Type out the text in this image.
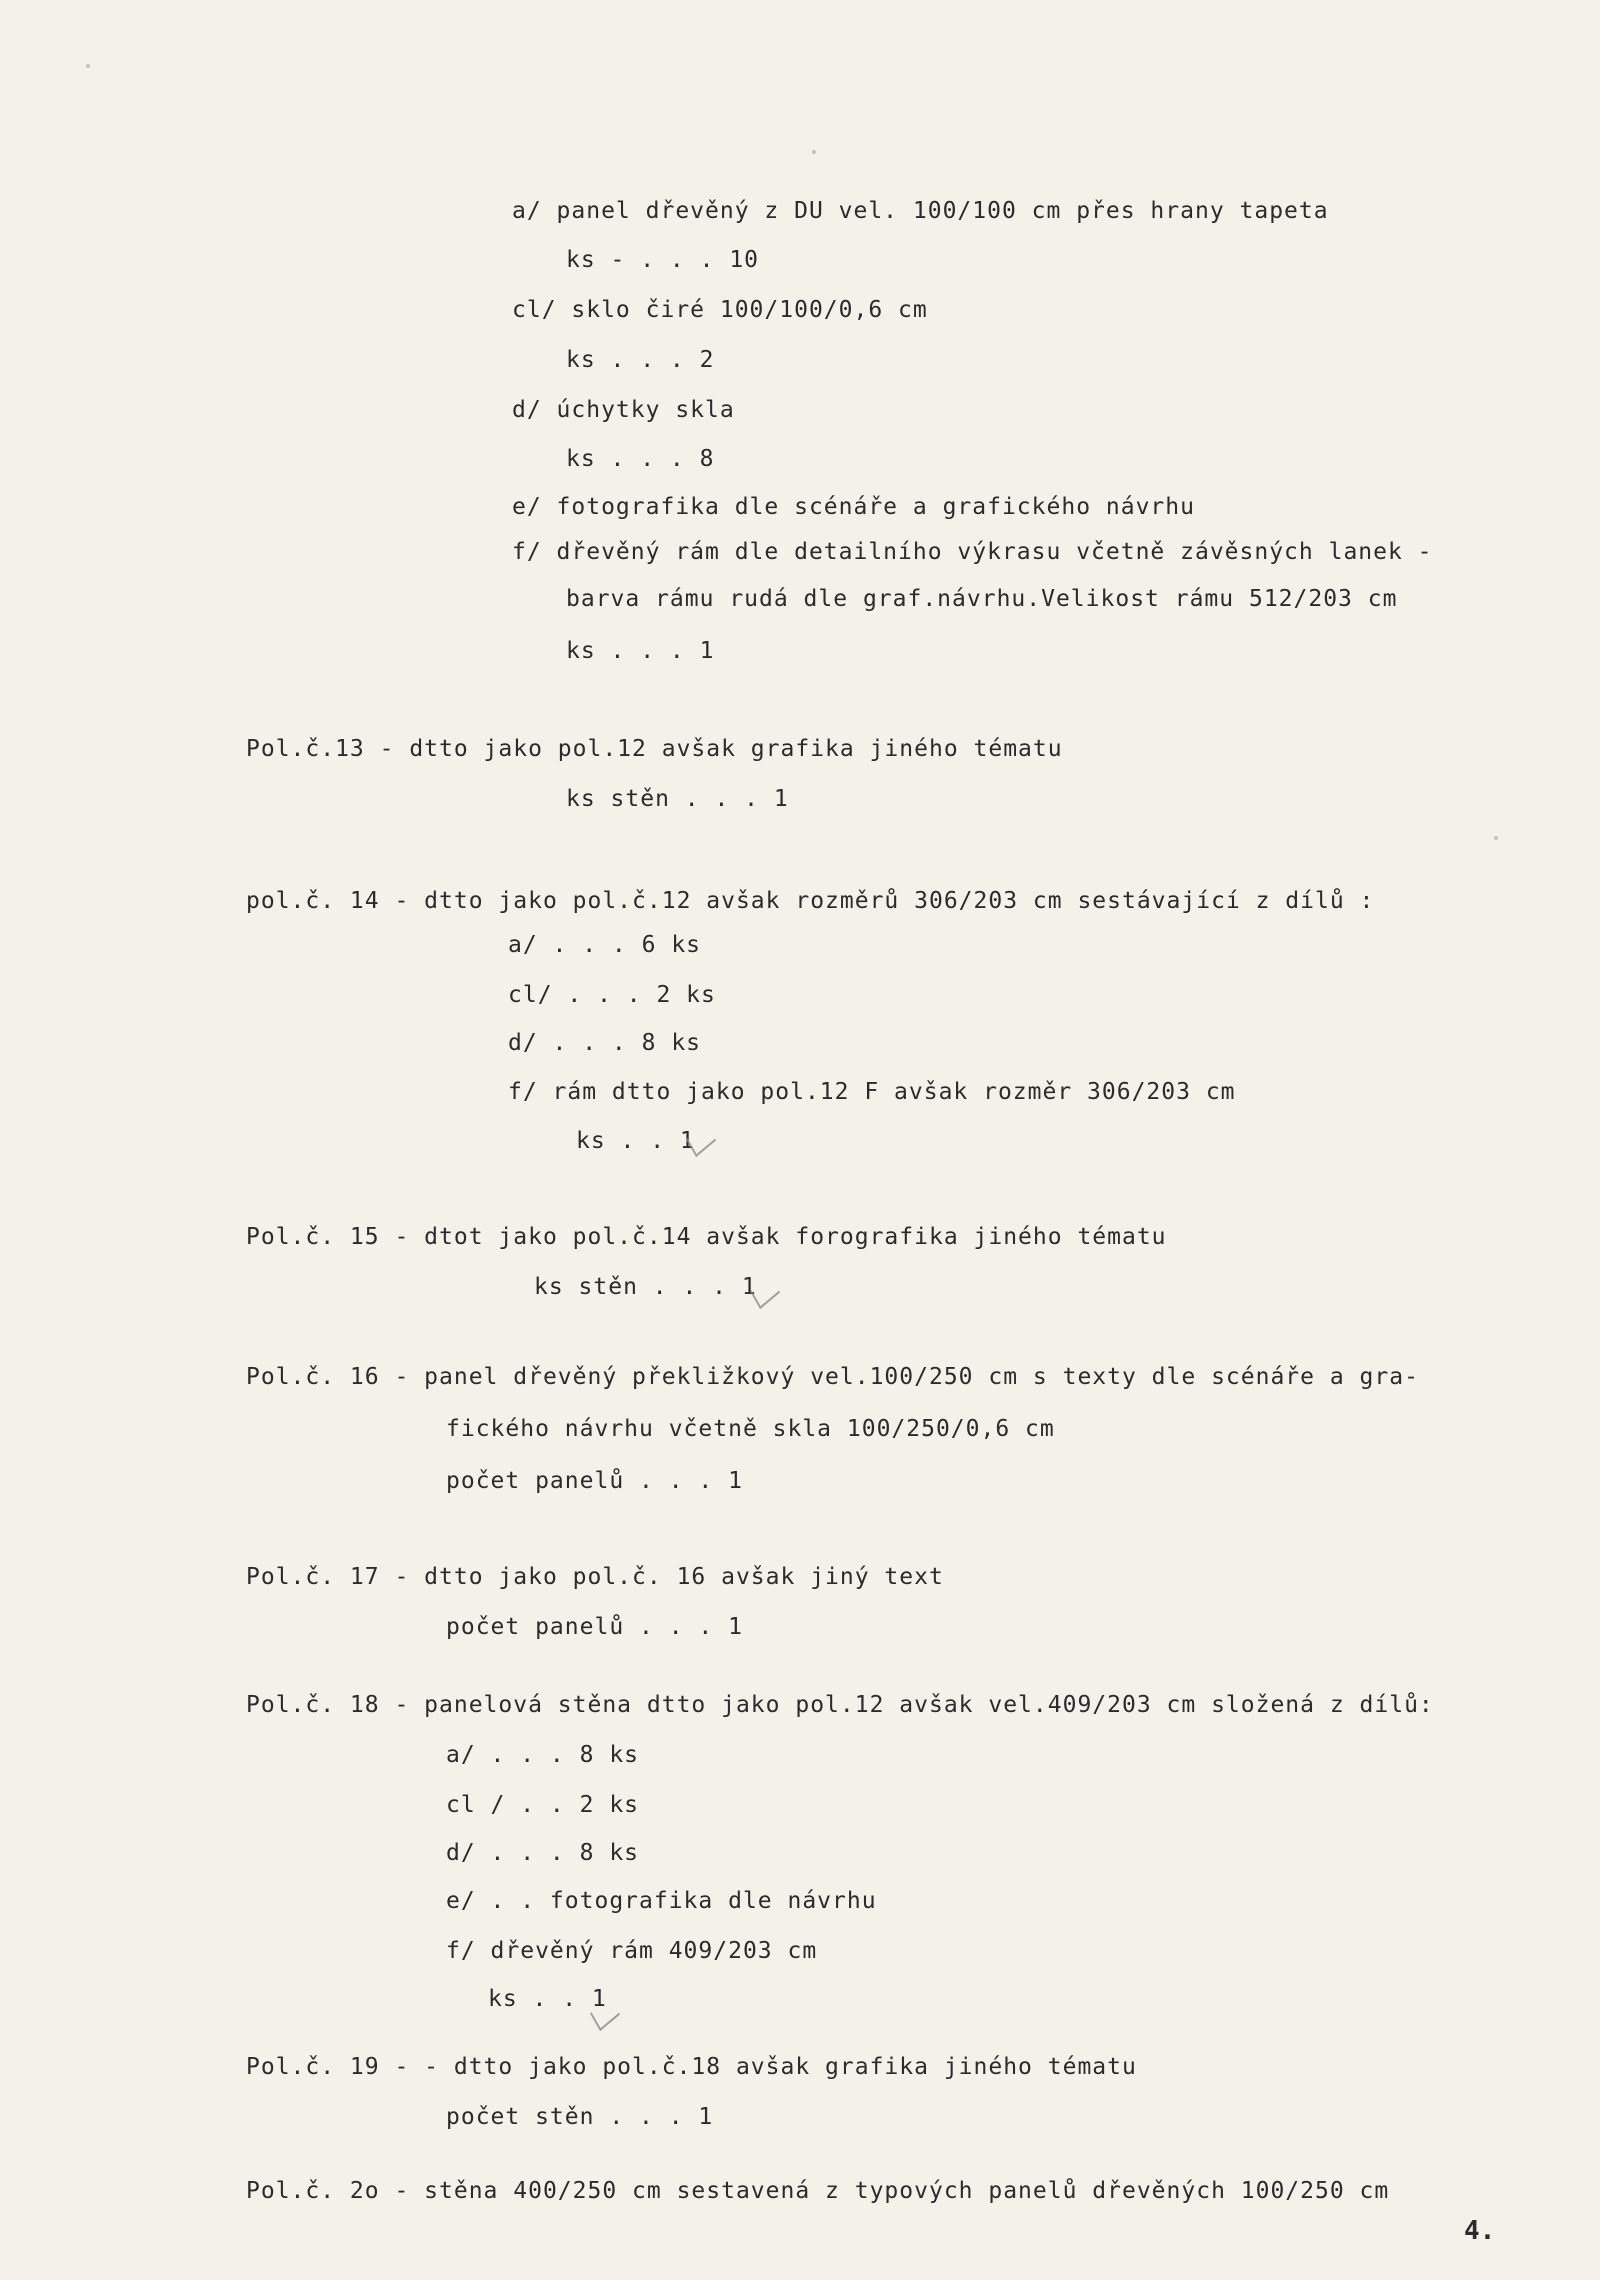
a/ panel dřevěný z DU vel. 100/100 cm přes hrany tapeta
ks - . . . 10
cl/ sklo čiré 100/100/0,6 cm
ks . . . 2
d/ úchytky skla
ks . . . 8
e/ fotografika dle scénáře a grafického návrhu
f/ dřevěný rám dle detailního výkrasu včetně závěsných lanek -
barva rámu rudá dle graf.návrhu.Velikost rámu 512/203 cm
ks . . . 1
Pol.č.13 - dtto jako pol.12 avšak grafika jiného tématu
ks stěn . . . 1
pol.č. 14 - dtto jako pol.č.12 avšak rozměrů 306/203 cm sestávající z dílů :
a/ . . . 6 ks
cl/ . . . 2 ks
d/ . . . 8 ks
f/ rám dtto jako pol.12 F avšak rozměr 306/203 cm
ks . . 1
Pol.č. 15 - dtot jako pol.č.14 avšak forografika jiného tématu
ks stěn . . . 1
Pol.č. 16 - panel dřevěný překližkový vel.100/250 cm s texty dle scénáře a gra-
fického návrhu včetně skla 100/250/0,6 cm
počet panelů . . . 1
Pol.č. 17 - dtto jako pol.č. 16 avšak jiný text
počet panelů . . . 1
Pol.č. 18 - panelová stěna dtto jako pol.12 avšak vel.409/203 cm složená z dílů:
a/ . . . 8 ks
cl / . . 2 ks
d/ . . . 8 ks
e/ . . fotografika dle návrhu
f/ dřevěný rám 409/203 cm
ks . . 1
Pol.č. 19 - - dtto jako pol.č.18 avšak grafika jiného tématu
počet stěn . . . 1
Pol.č. 2o - stěna 400/250 cm sestavená z typových panelů dřevěných 100/250 cm
4.
